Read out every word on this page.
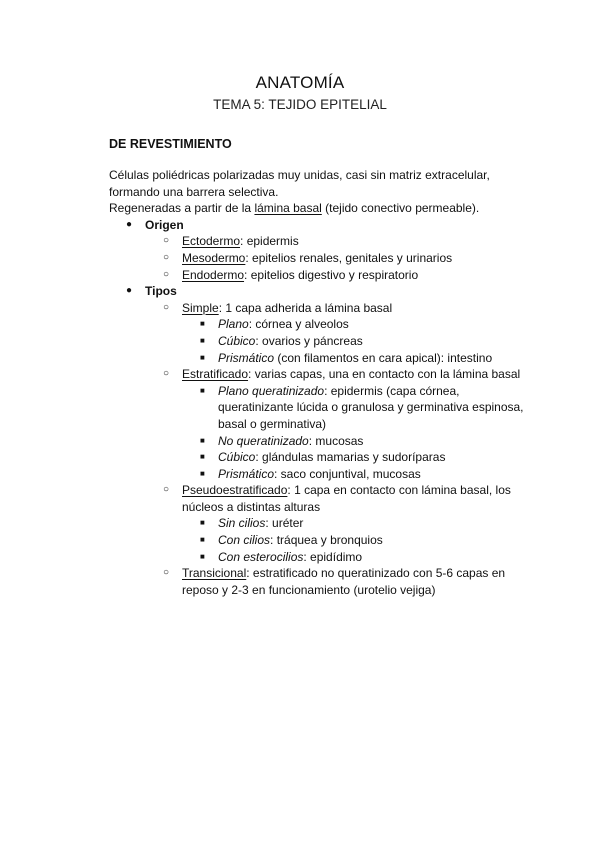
ANATOMÍA
TEMA 5: TEJIDO EPITELIAL
DE REVESTIMIENTO
Células poliédricas polarizadas muy unidas, casi sin matriz extracelular,
formando una barrera selectiva.
Regeneradas a partir de la lámina basal (tejido conectivo permeable).
● Origen
○ Ectodermo: epidermis
○ Mesodermo: epitelios renales, genitales y urinarios
○ Endodermo: epitelios digestivo y respiratorio
● Tipos
○ Simple: 1 capa adherida a lámina basal
■ Plano: córnea y alveolos
■ Cúbico: ovarios y páncreas
■ Prismático (con filamentos en cara apical): intestino
○ Estratificado: varias capas, una en contacto con la lámina basal
■ Plano queratinizado: epidermis (capa córnea,
queratinizante lúcida o granulosa y germinativa espinosa,
basal o germinativa)
■ No queratinizado: mucosas
■ Cúbico: glándulas mamarias y sudoríparas
■ Prismático: saco conjuntival, mucosas
○ Pseudoestratificado: 1 capa en contacto con lámina basal, los
núcleos a distintas alturas
■ Sin cilios: uréter
■ Con cilios: tráquea y bronquios
■ Con esterocilios: epidídimo
○ Transicional: estratificado no queratinizado con 5-6 capas en
reposo y 2-3 en funcionamiento (urotelio vejiga)
